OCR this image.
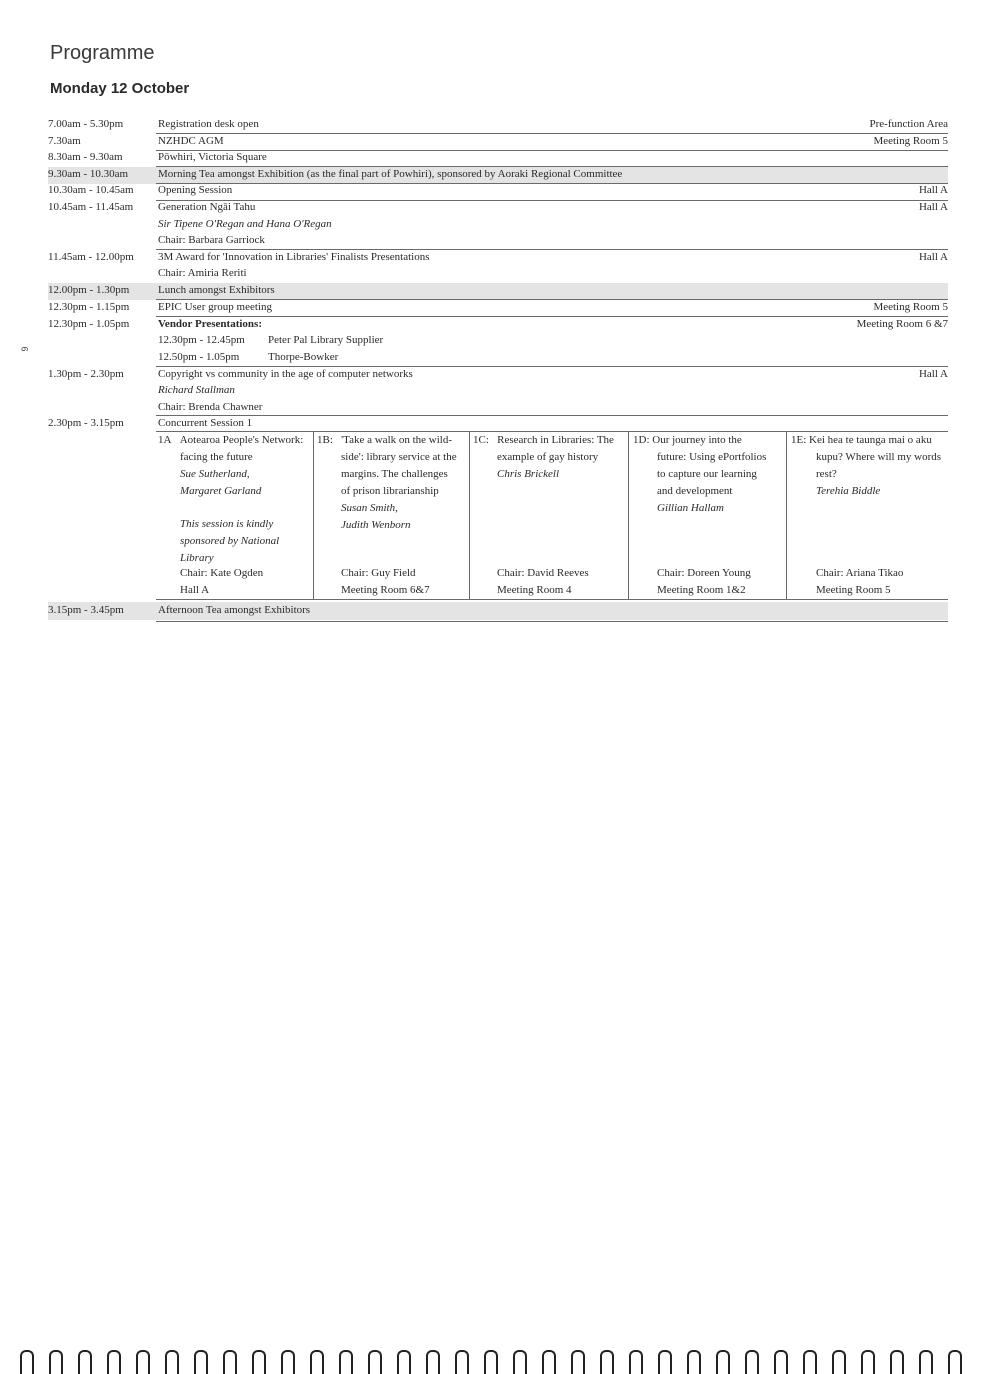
Programme
Monday 12 October
6
7.00am - 5.30pm	Registration desk open	Pre-function Area
7.30am	NZHDC AGM	Meeting Room 5
8.30am - 9.30am	Pōwhiri, Victoria Square
9.30am - 10.30am	Morning Tea amongst Exhibition (as the final part of Powhiri), sponsored by Aoraki Regional Committee
10.30am - 10.45am Opening Session	Hall A
10.45am - 11.45am Generation Ngāi Tahu	Hall A
Sir Tipene O'Regan and Hana O'Regan
Chair: Barbara Garriock
11.45am - 12.00pm 3M Award for 'Innovation in Libraries' Finalists Presentations	Hall A
Chair: Amiria Reriti
12.00pm - 1.30pm	Lunch amongst Exhibitors
12.30pm - 1.15pm	EPIC User group meeting	Meeting Room 5
12.30pm - 1.05pm	Vendor Presentations:	Meeting Room 6 &7
12.30pm - 12.45pm Peter Pal Library Supplier
12.50pm - 1.05pm	Thorpe-Bowker
1.30pm - 2.30pm	Copyright vs community in the age of computer networks	Hall A
Richard Stallman
Chair: Brenda Chawner
2.30pm - 3.15pm	Concurrent Session 1
1A Aotearoa People's Network:
facing the future
Sue Sutherland,
Margaret Garland
This session is kindly
sponsored by National Library
Chair: Kate Ogden
Hall A
1B: 'Take a walk on the wild-
side': library service at the
margins. The challenges
of prison librarianship
Susan Smith,
Judith Wenborn
Chair: Guy Field
Meeting Room 6&7
1C: Research in Libraries: The
example of gay history
Chris Brickell
Chair: David Reeves
Meeting Room 4
1D: Our journey into the
future: Using ePortfolios
to capture our learning
and development
Gillian Hallam
Chair: Doreen Young
Meeting Room 1&2
1E: Kei hea te taunga mai o aku
kupu? Where will my words
rest?
Terehia Biddle
Chair: Ariana Tikao
Meeting Room 5
3.15pm - 3.45pm	Afternoon Tea amongst Exhibitors
